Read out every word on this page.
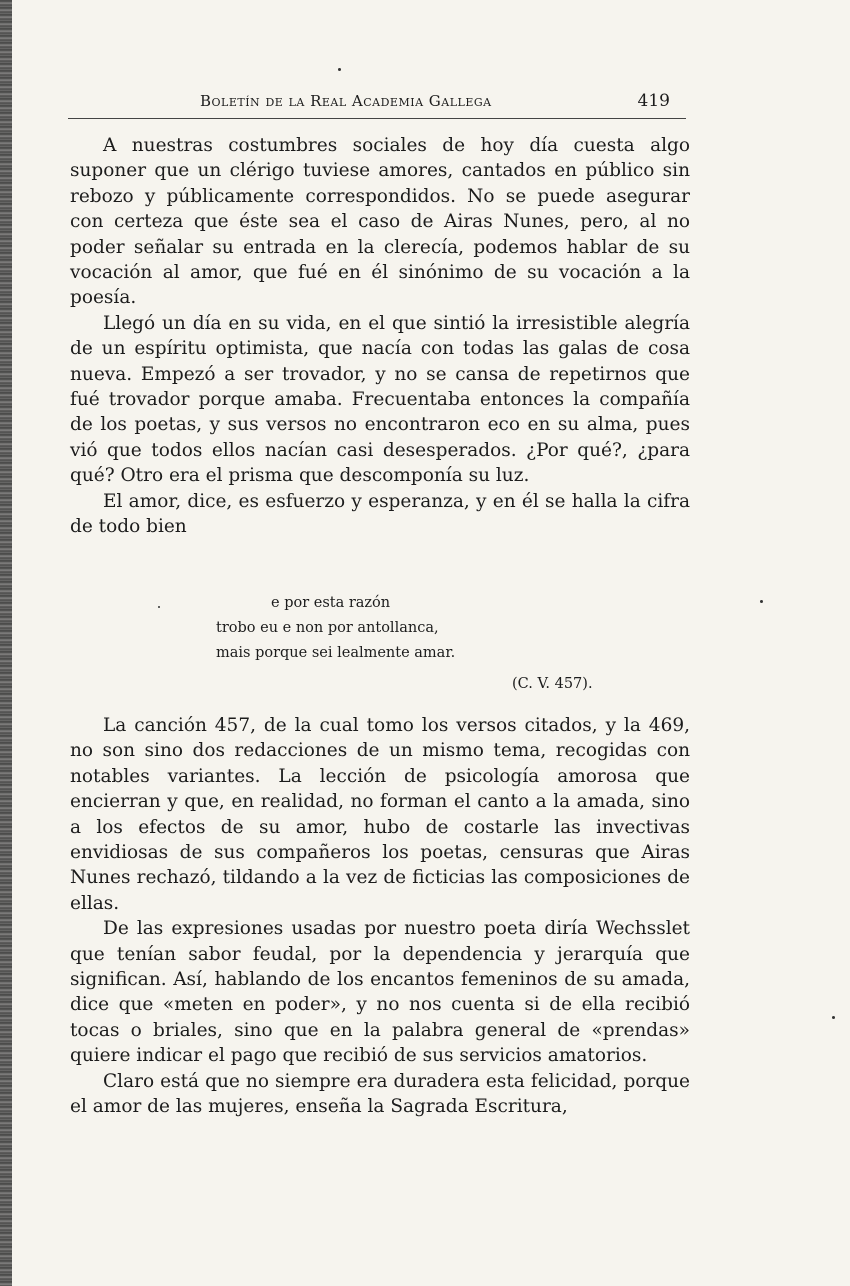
Boletín de la Real Academia Gallega	419

A nuestras costumbres sociales de hoy día cuesta algo suponer que un clérigo tuviese amores, cantados en público sin rebozo y públicamente correspondidos. No se puede asegurar con certeza que éste sea el caso de Airas Nunes, pero, al no poder señalar su entrada en la clerecía, podemos hablar de su vocación al amor, que fué en él sinónimo de su vocación a la poesía.

Llegó un día en su vida, en el que sintió la irresistible alegría de un espíritu optimista, que nacía con todas las galas de cosa nueva. Empezó a ser trovador, y no se cansa de repetirnos que fué trovador porque amaba. Frecuentaba entonces la compañía de los poetas, y sus versos no encontraron eco en su alma, pues vió que todos ellos nacían casi desesperados. ¿Por qué?, ¿para qué? Otro era el prisma que descomponía su luz.

El amor, dice, es esfuerzo y esperanza, y en él se halla la cifra de todo bien

e por esta razón
trobo eu e non por antollanca,
mais porque sei lealmente amar.
(C. V. 457).

La canción 457, de la cual tomo los versos citados, y la 469, no son sino dos redacciones de un mismo tema, recogidas con notables variantes. La lección de psicología amorosa que encierran y que, en realidad, no forman el canto a la amada, sino a los efectos de su amor, hubo de costarle las invectivas envidiosas de sus compañeros los poetas, censuras que Airas Nunes rechazó, tildando a la vez de ficticias las composiciones de ellas.

De las expresiones usadas por nuestro poeta diría Wechsslet que tenían sabor feudal, por la dependencia y jerarquía que significan. Así, hablando de los encantos femeninos de su amada, dice que «meten en poder», y no nos cuenta si de ella recibió tocas o briales, sino que en la palabra general de «prendas» quiere indicar el pago que recibió de sus servicios amatorios.

Claro está que no siempre era duradera esta felicidad, porque el amor de las mujeres, enseña la Sagrada Escritura,
